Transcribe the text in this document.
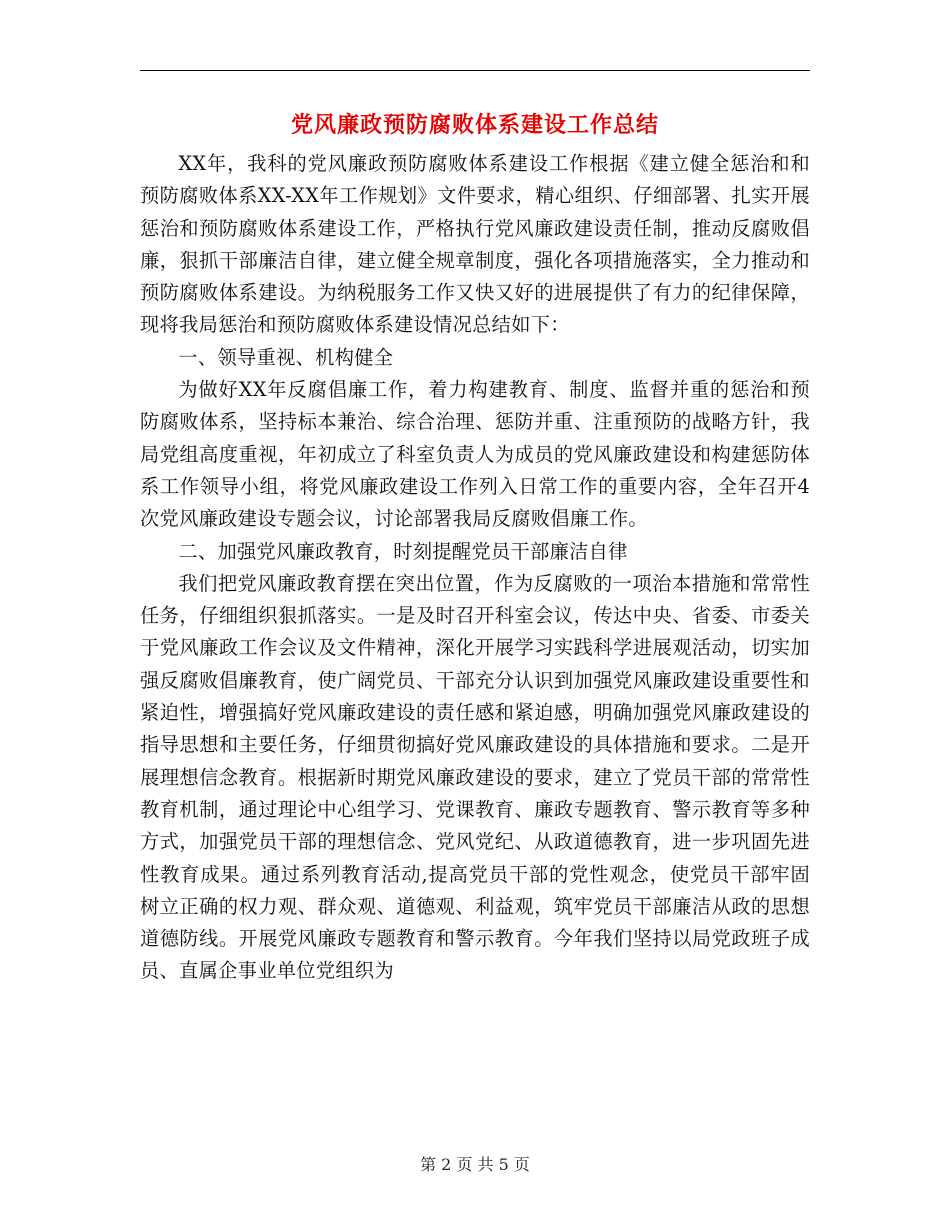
党风廉政预防腐败体系建设工作总结

XX年，我科的党风廉政预防腐败体系建设工作根据《建立健全惩治和和预防腐败体系XX-XX年工作规划》文件要求，精心组织、仔细部署、扎实开展惩治和预防腐败体系建设工作，严格执行党风廉政建设责任制，推动反腐败倡廉，狠抓干部廉洁自律，建立健全规章制度，强化各项措施落实，全力推动和预防腐败体系建设。为纳税服务工作又快又好的进展提供了有力的纪律保障，现将我局惩治和预防腐败体系建设情况总结如下：

一、领导重视、机构健全

为做好XX年反腐倡廉工作，着力构建教育、制度、监督并重的惩治和预防腐败体系，坚持标本兼治、综合治理、惩防并重、注重预防的战略方针，我局党组高度重视，年初成立了科室负责人为成员的党风廉政建设和构建惩防体系工作领导小组，将党风廉政建设工作列入日常工作的重要内容，全年召开4次党风廉政建设专题会议，讨论部署我局反腐败倡廉工作。

二、加强党风廉政教育，时刻提醒党员干部廉洁自律

我们把党风廉政教育摆在突出位置，作为反腐败的一项治本措施和常常性任务，仔细组织狠抓落实。一是及时召开科室会议，传达中央、省委、市委关于党风廉政工作会议及文件精神，深化开展学习实践科学进展观活动，切实加强反腐败倡廉教育，使广阔党员、干部充分认识到加强党风廉政建设重要性和紧迫性，增强搞好党风廉政建设的责任感和紧迫感，明确加强党风廉政建设的指导思想和主要任务，仔细贯彻搞好党风廉政建设的具体措施和要求。二是开展理想信念教育。根据新时期党风廉政建设的要求，建立了党员干部的常常性教育机制，通过理论中心组学习、党课教育、廉政专题教育、警示教育等多种方式，加强党员干部的理想信念、党风党纪、从政道德教育，进一步巩固先进性教育成果。通过系列教育活动,提高党员干部的党性观念，使党员干部牢固树立正确的权力观、群众观、道德观、利益观，筑牢党员干部廉洁从政的思想道德防线。开展党风廉政专题教育和警示教育。今年我们坚持以局党政班子成员、直属企事业单位党组织为

第 2 页 共 5 页
